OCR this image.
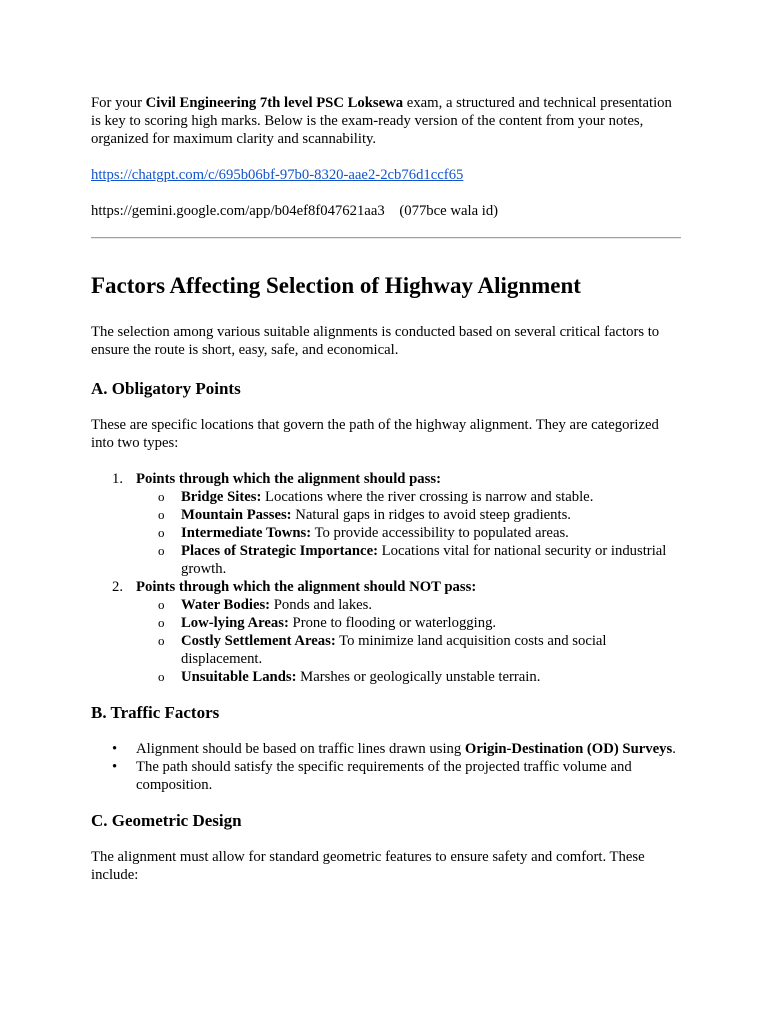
For your Civil Engineering 7th level PSC Loksewa exam, a structured and technical presentation is key to scoring high marks. Below is the exam-ready version of the content from your notes, organized for maximum clarity and scannability.

https://chatgpt.com/c/695b06bf-97b0-8320-aae2-2cb76d1ccf65

https://gemini.google.com/app/b04ef8f047621aa3    (077bce wala id)

Factors Affecting Selection of Highway Alignment

The selection among various suitable alignments is conducted based on several critical factors to ensure the route is short, easy, safe, and economical.

A. Obligatory Points

These are specific locations that govern the path of the highway alignment. They are categorized into two types:

1. Points through which the alignment should pass:
o Bridge Sites: Locations where the river crossing is narrow and stable.
o Mountain Passes: Natural gaps in ridges to avoid steep gradients.
o Intermediate Towns: To provide accessibility to populated areas.
o Places of Strategic Importance: Locations vital for national security or industrial growth.
2. Points through which the alignment should NOT pass:
o Water Bodies: Ponds and lakes.
o Low-lying Areas: Prone to flooding or waterlogging.
o Costly Settlement Areas: To minimize land acquisition costs and social displacement.
o Unsuitable Lands: Marshes or geologically unstable terrain.
B. Traffic Factors
• Alignment should be based on traffic lines drawn using Origin-Destination (OD) Surveys.
• The path should satisfy the specific requirements of the projected traffic volume and composition.
C. Geometric Design

The alignment must allow for standard geometric features to ensure safety and comfort. These include:
